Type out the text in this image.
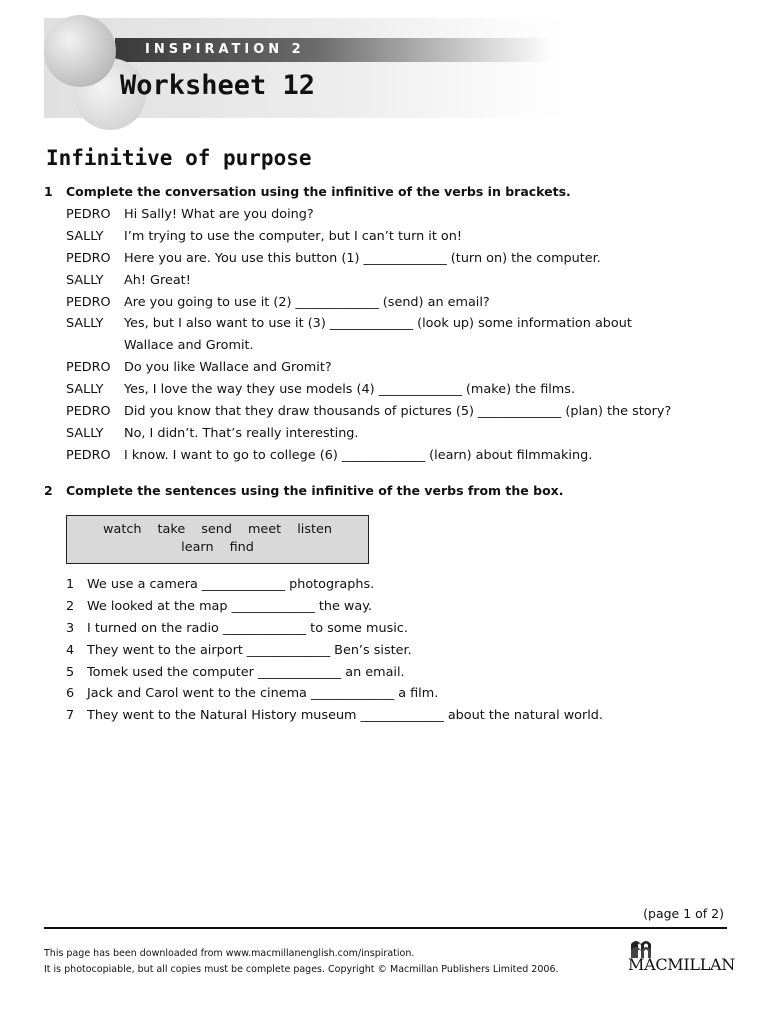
INSPIRATION 2
Worksheet 12
Infinitive of purpose
1 Complete the conversation using the infinitive of the verbs in brackets.
PEDRO	Hi Sally! What are you doing?
SALLY	I’m trying to use the computer, but I can’t turn it on!
PEDRO	Here you are. You use this button (1) _____________ (turn on) the computer.
SALLY	Ah! Great!
PEDRO	Are you going to use it (2) _____________ (send) an email?
SALLY	Yes, but I also want to use it (3) _____________ (look up) some information about
Wallace and Gromit.
PEDRO	Do you like Wallace and Gromit?
SALLY	Yes, I love the way they use models (4) _____________ (make) the films.
PEDRO	Did you know that they draw thousands of pictures (5) _____________ (plan) the story?
SALLY	No, I didn’t. That’s really interesting.
PEDRO	I know. I want to go to college (6) _____________ (learn) about filmmaking.
2 Complete the sentences using the infinitive of the verbs from the box.
watch take send meet listen
learn find
1	We use a camera _____________ photographs.
2	We looked at the map _____________ the way.
3	I turned on the radio _____________ to some music.
4	They went to the airport _____________ Ben’s sister.
5	Tomek used the computer _____________ an email.
6	Jack and Carol went to the cinema _____________ a film.
7	They went to the Natural History museum _____________ about the natural world.
(page 1 of 2)
This page has been downloaded from www.macmillanenglish.com/inspiration.
It is photocopiable, but all copies must be complete pages. Copyright © Macmillan Publishers Limited 2006.	MACMILLAN
